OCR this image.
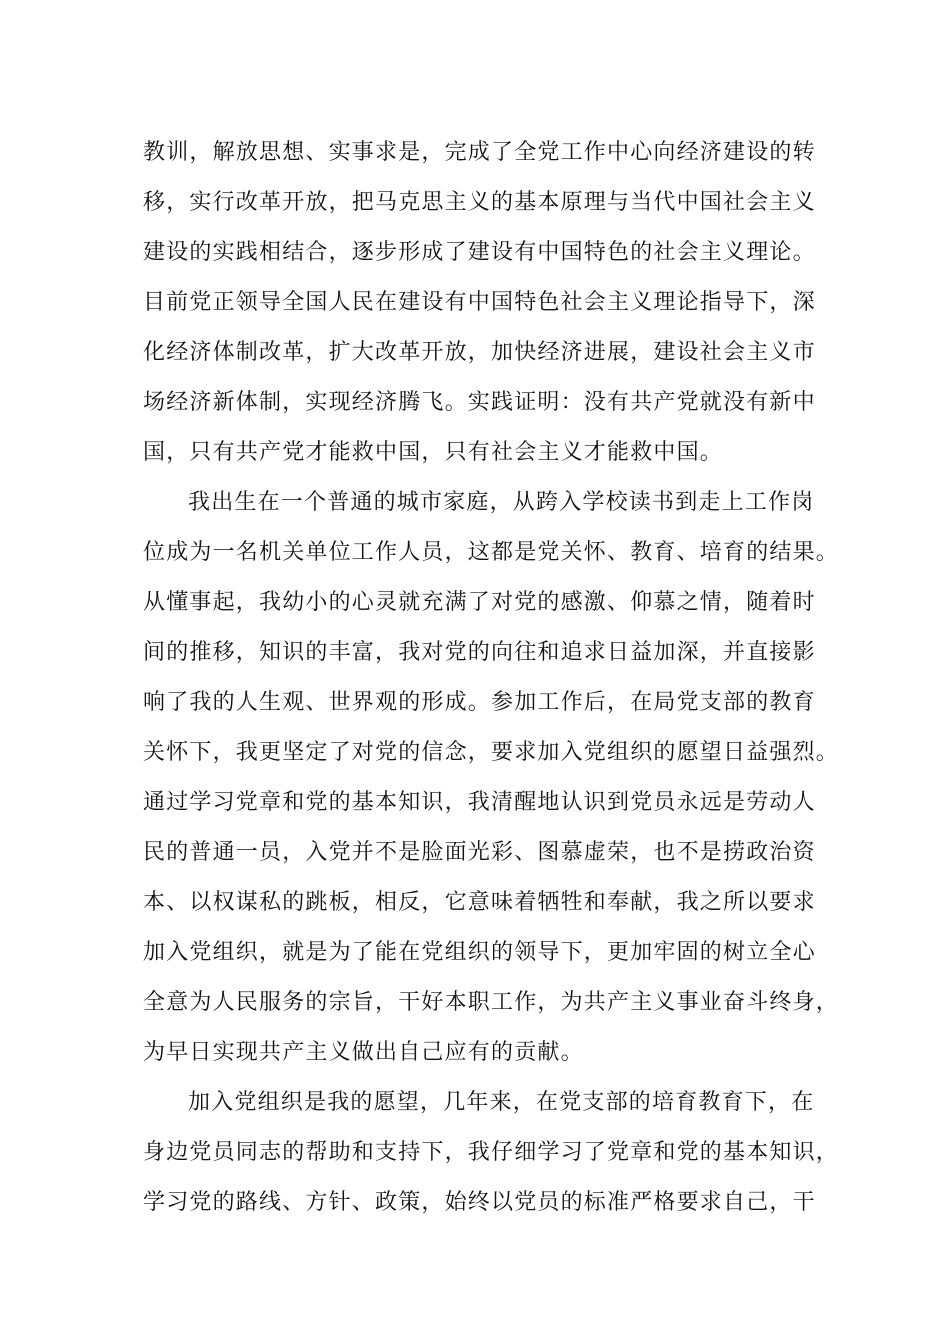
教训，解放思想、实事求是，完成了全党工作中心向经济建设的转
移，实行改革开放，把马克思主义的基本原理与当代中国社会主义
建设的实践相结合，逐步形成了建设有中国特色的社会主义理论。
目前党正领导全国人民在建设有中国特色社会主义理论指导下，深
化经济体制改革，扩大改革开放，加快经济进展，建设社会主义市
场经济新体制，实现经济腾飞。实践证明：没有共产党就没有新中
国，只有共产党才能救中国，只有社会主义才能救中国。
我出生在一个普通的城市家庭，从跨入学校读书到走上工作岗
位成为一名机关单位工作人员，这都是党关怀、教育、培育的结果。
从懂事起，我幼小的心灵就充满了对党的感激、仰慕之情，随着时
间的推移，知识的丰富，我对党的向往和追求日益加深，并直接影
响了我的人生观、世界观的形成。参加工作后，在局党支部的教育
关怀下，我更坚定了对党的信念，要求加入党组织的愿望日益强烈。
通过学习党章和党的基本知识，我清醒地认识到党员永远是劳动人
民的普通一员，入党并不是脸面光彩、图慕虚荣，也不是捞政治资
本、以权谋私的跳板，相反，它意味着牺牲和奉献，我之所以要求
加入党组织，就是为了能在党组织的领导下，更加牢固的树立全心
全意为人民服务的宗旨，干好本职工作，为共产主义事业奋斗终身，
为早日实现共产主义做出自己应有的贡献。
加入党组织是我的愿望，几年来，在党支部的培育教育下，在
身边党员同志的帮助和支持下，我仔细学习了党章和党的基本知识，
学习党的路线、方针、政策，始终以党员的标准严格要求自己，干
